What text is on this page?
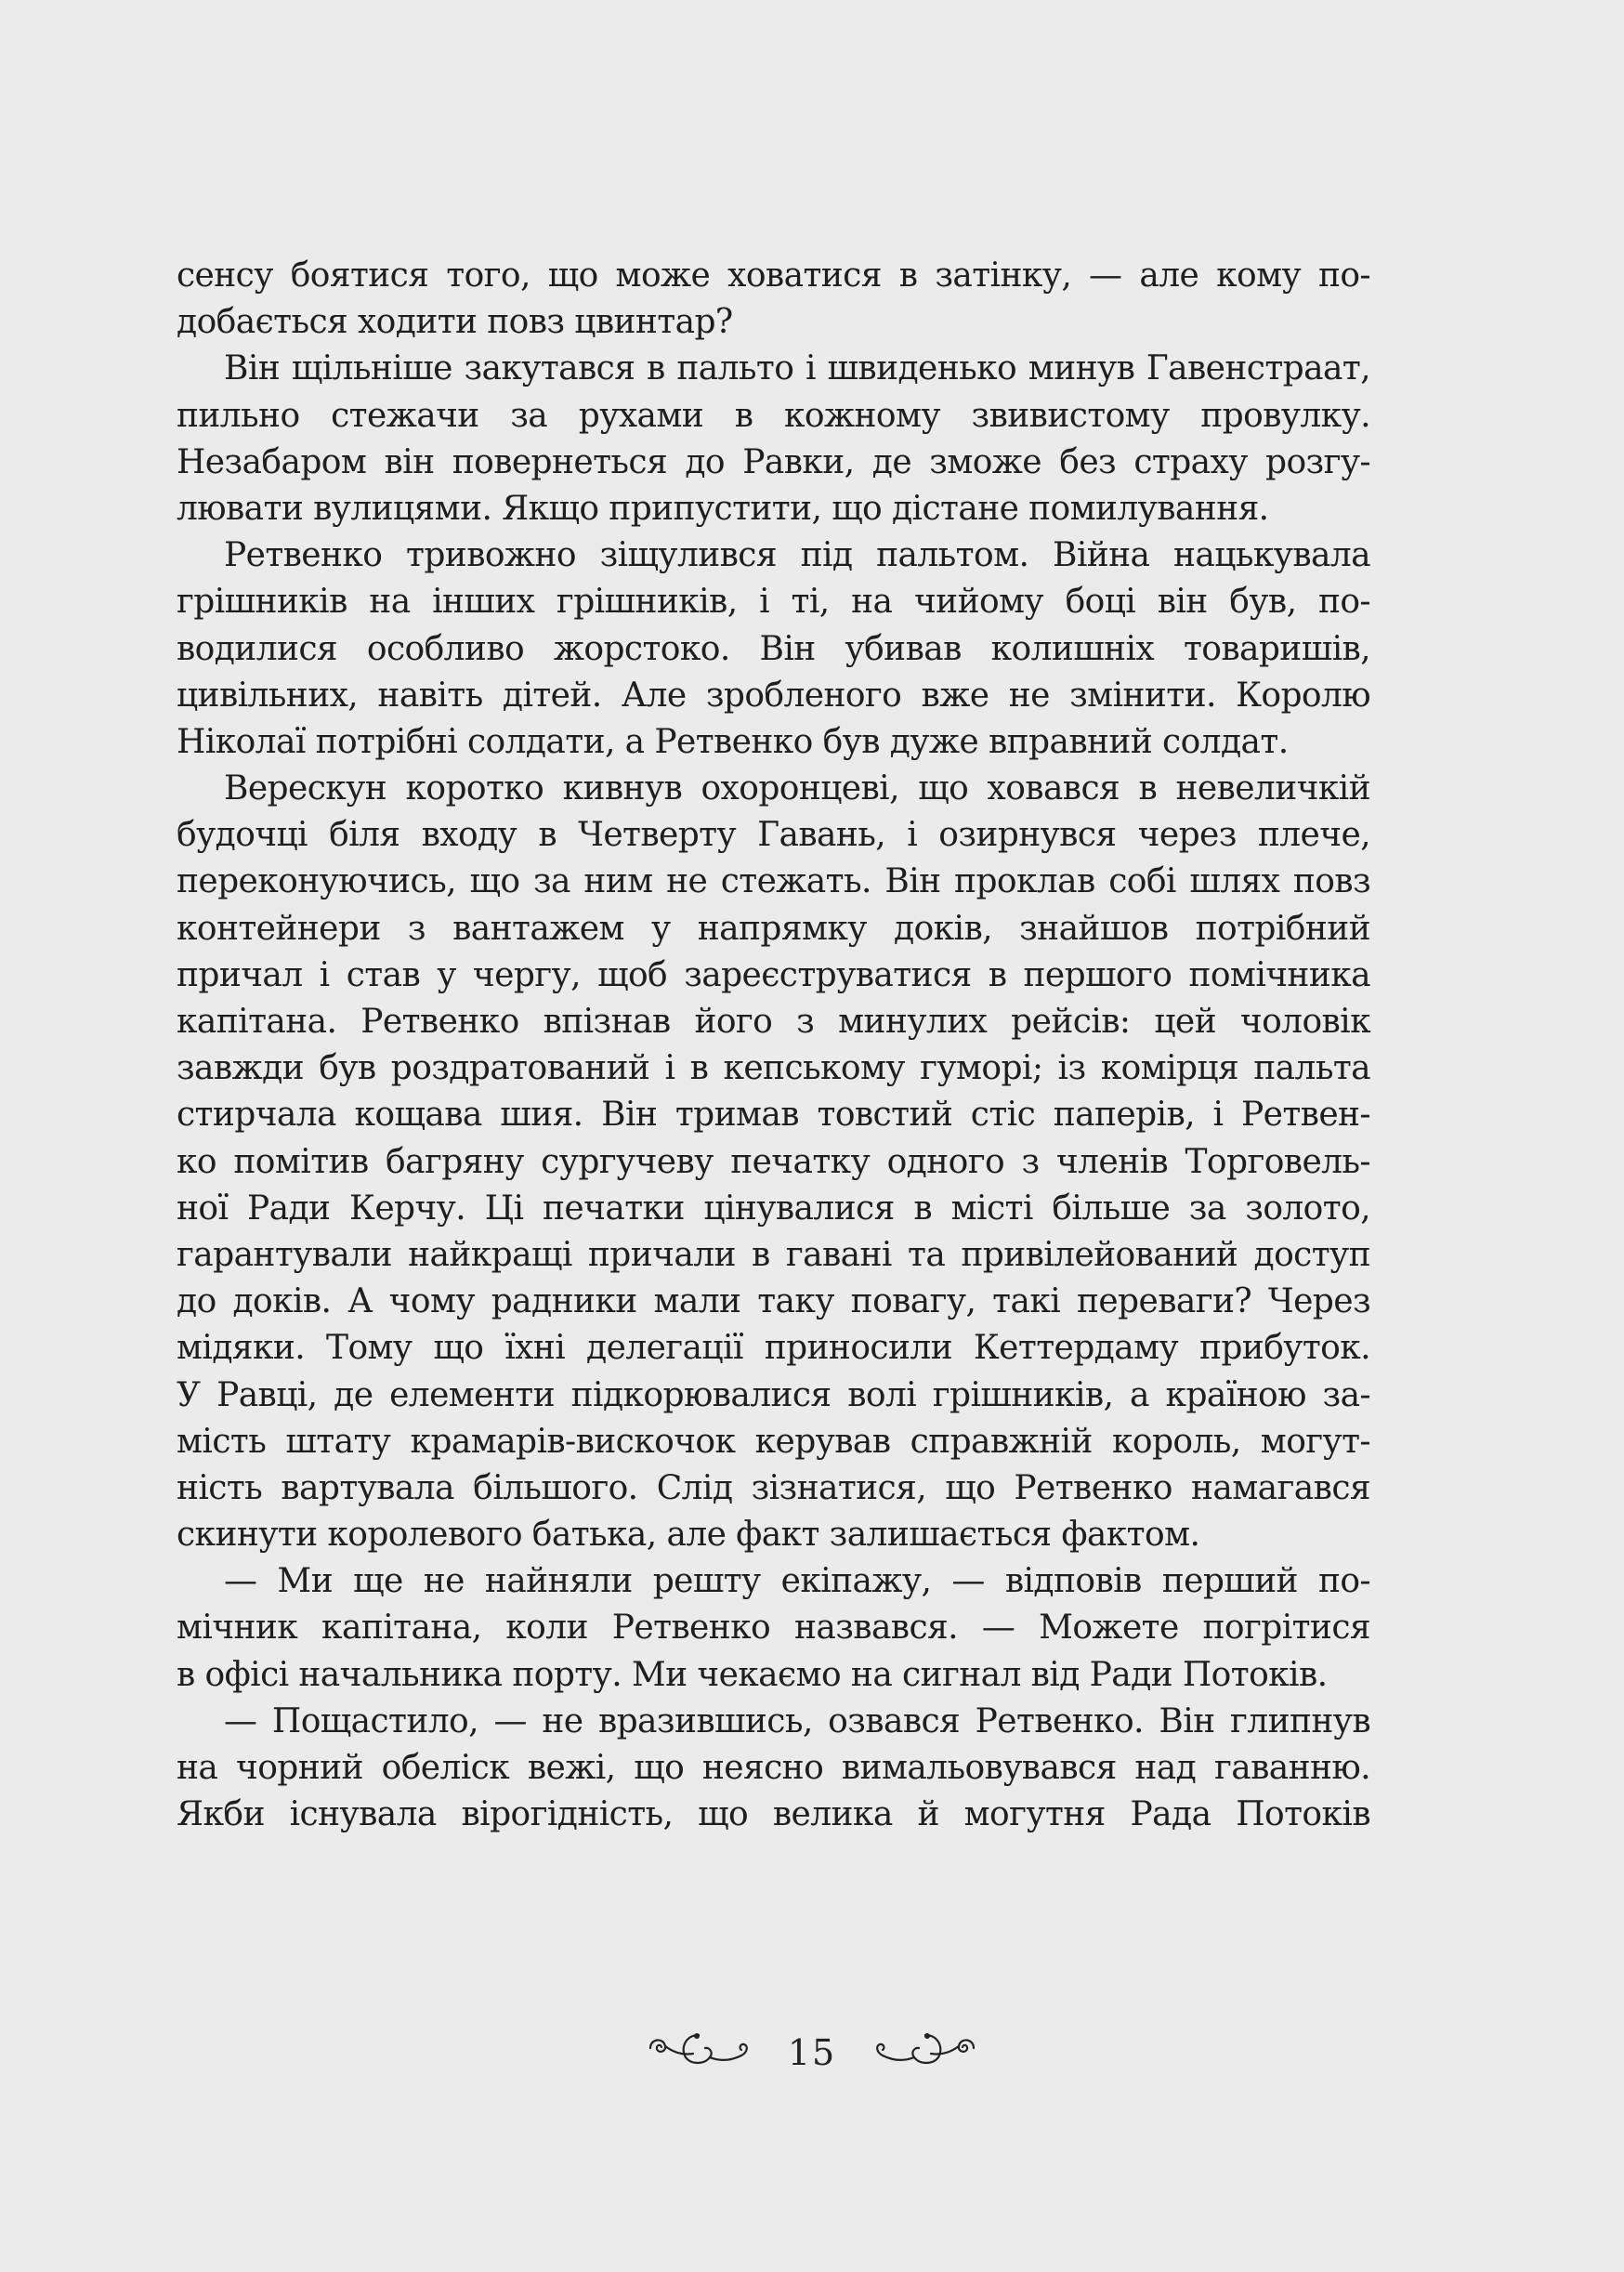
сенсу боятися того, що може ховатися в затінку, — але кому по-

добається ходити повз цвинтар?

Він щільніше закутався в пальто і швиденько минув Гавенстраат,

пильно стежачи за рухами в кожному звивистому провулку.

Незабаром він повернеться до Равки, де зможе без страху розгу-

лювати вулицями. Якщо припустити, що дістане помилування.

Ретвенко тривожно зіщулився під пальтом. Війна нацькувала

грішників на інших грішників, і ті, на чийому боці він був, по-

водилися особливо жорстоко. Він убивав колишніх товаришів,

цивільних, навіть дітей. Але зробленого вже не змінити. Королю

Ніколаї потрібні солдати, а Ретвенко був дуже вправний солдат.

Верескун коротко кивнув охоронцеві, що ховався в невеличкій

будочці біля входу в Четверту Гавань, і озирнувся через плече,

переконуючись, що за ним не стежать. Він проклав собі шлях повз

контейнери з вантажем у напрямку доків, знайшов потрібний

причал і став у чергу, щоб зареєструватися в першого помічника

капітана. Ретвенко впізнав його з минулих рейсів: цей чоловік

завжди був роздратований і в кепському гуморі; із комірця пальта

стирчала кощава шия. Він тримав товстий стіс паперів, і Ретвен-

ко помітив багряну сургучеву печатку одного з членів Торговель-

ної Ради Керчу. Ці печатки цінувалися в місті більше за золото,

гарантували найкращі причали в гавані та привілейований доступ

до доків. А чому радники мали таку повагу, такі переваги? Через

мідяки. Тому що їхні делегації приносили Кеттердаму прибуток.

У Равці, де елементи підкорювалися волі грішників, а країною за-

мість штату крамарів-вискочок керував справжній король, могут-

ність вартувала більшого. Слід зізнатися, що Ретвенко намагався

скинути королевого батька, але факт залишається фактом.

— Ми ще не найняли решту екіпажу, — відповів перший по-

мічник капітана, коли Ретвенко назвався. — Можете погрітися

в офісі начальника порту. Ми чекаємо на сигнал від Ради Потоків.

— Пощастило, — не вразившись, озвався Ретвенко. Він глипнув

на чорний обеліск вежі, що неясно вимальовувався над гаванню.

Якби існувала вірогідність, що велика й могутня Рада Потоків

15
